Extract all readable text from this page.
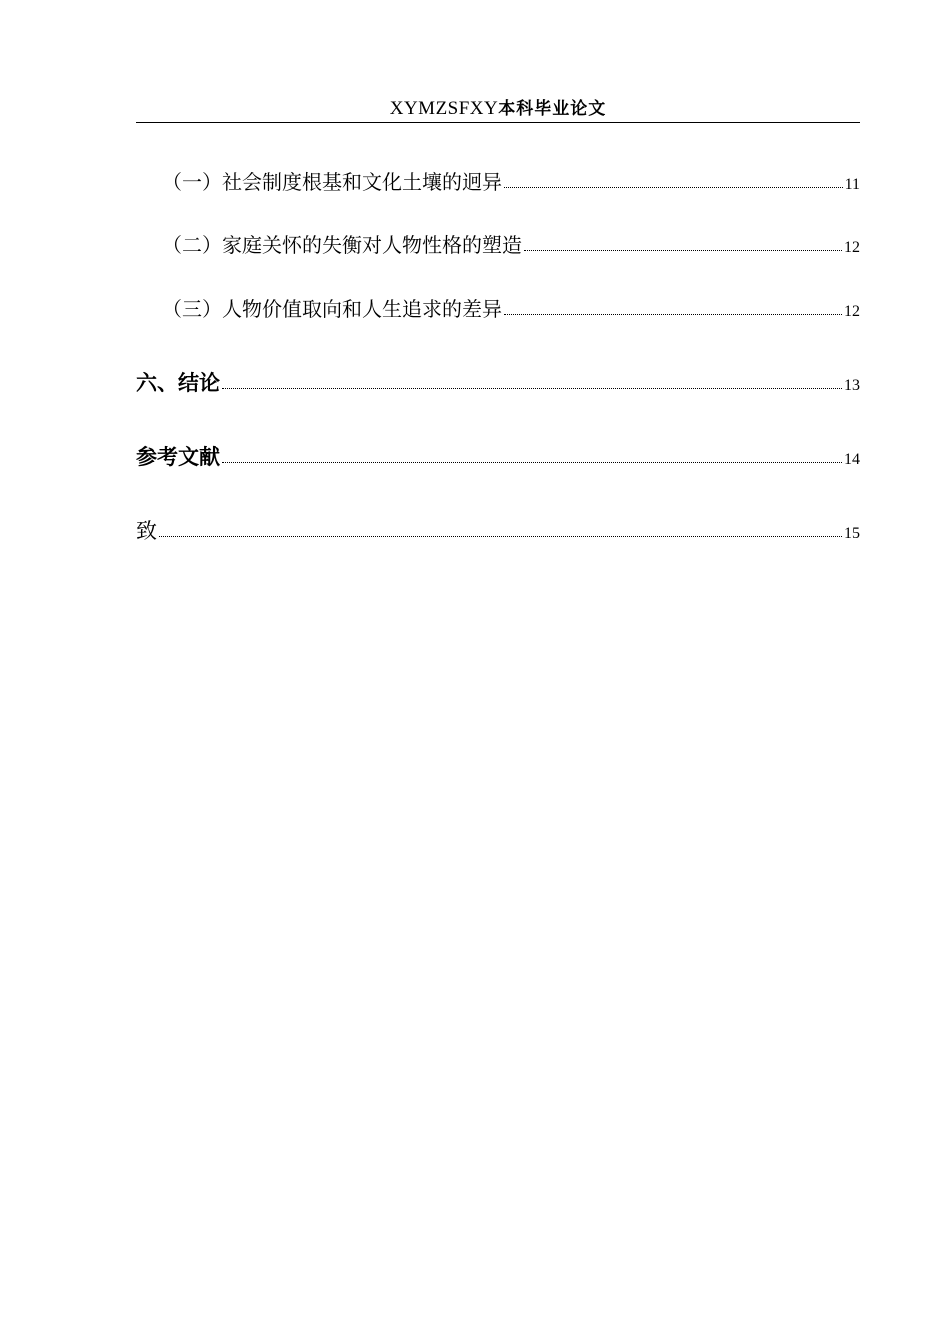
XYMZSFXY本科毕业论文
（一）社会制度根基和文化土壤的迥异	11
（二）家庭关怀的失衡对人物性格的塑造	12
（三）人物价值取向和人生追求的差异	12
六、结论	13
参考文献	14
致	15
